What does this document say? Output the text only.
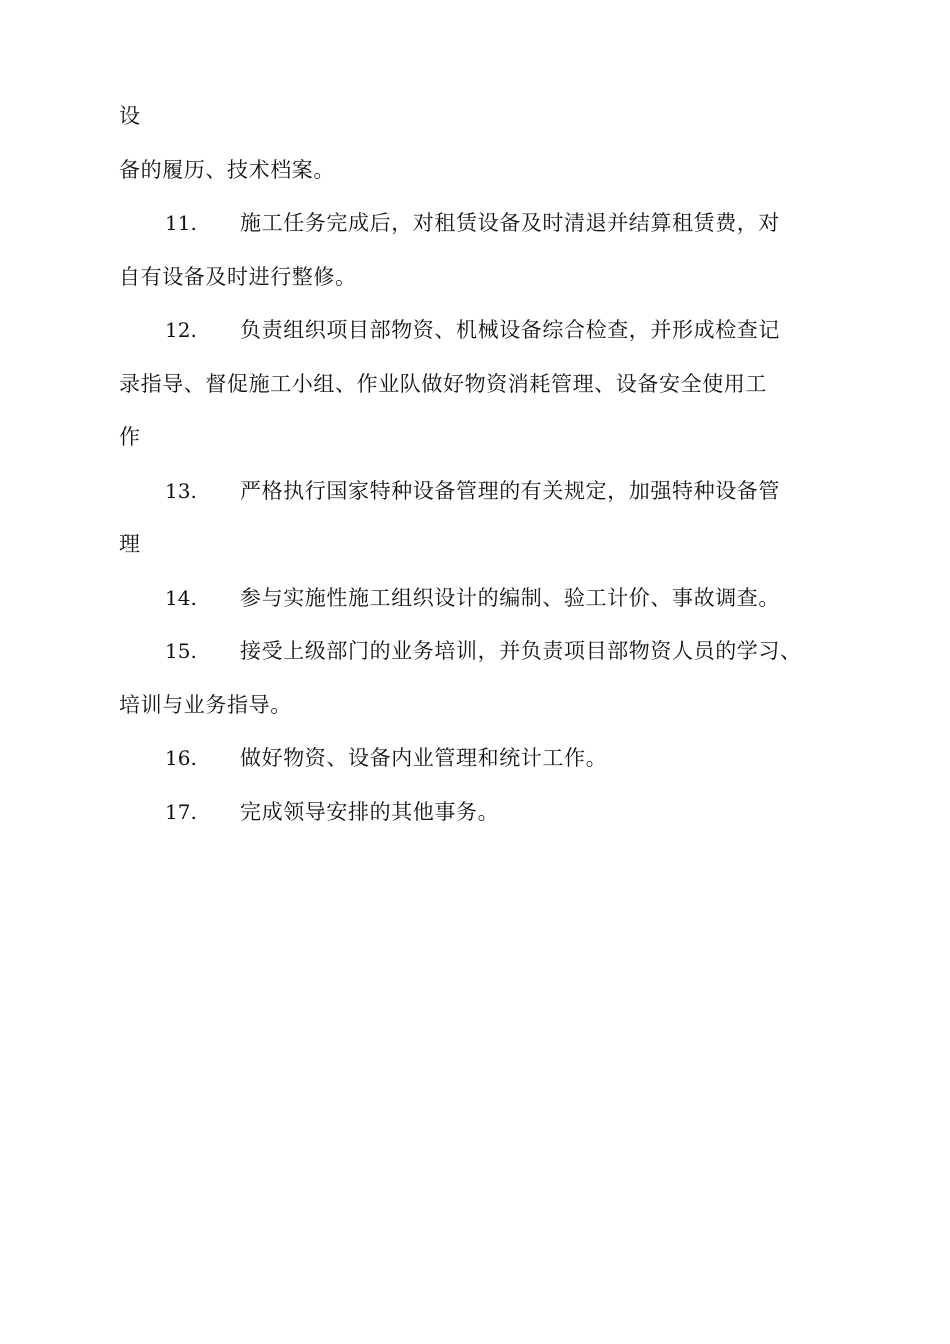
设
备的履历、技术档案。
11. 施工任务完成后，对租赁设备及时清退并结算租赁费，对
自有设备及时进行整修。
12. 负责组织项目部物资、机械设备综合检查，并形成检查记
录指导、督促施工小组、作业队做好物资消耗管理、设备安全使用工
作
13. 严格执行国家特种设备管理的有关规定，加强特种设备管
理
14. 参与实施性施工组织设计的编制、验工计价、事故调查。
15. 接受上级部门的业务培训，并负责项目部物资人员的学习、
培训与业务指导。
16. 做好物资、设备内业管理和统计工作。
17. 完成领导安排的其他事务。
